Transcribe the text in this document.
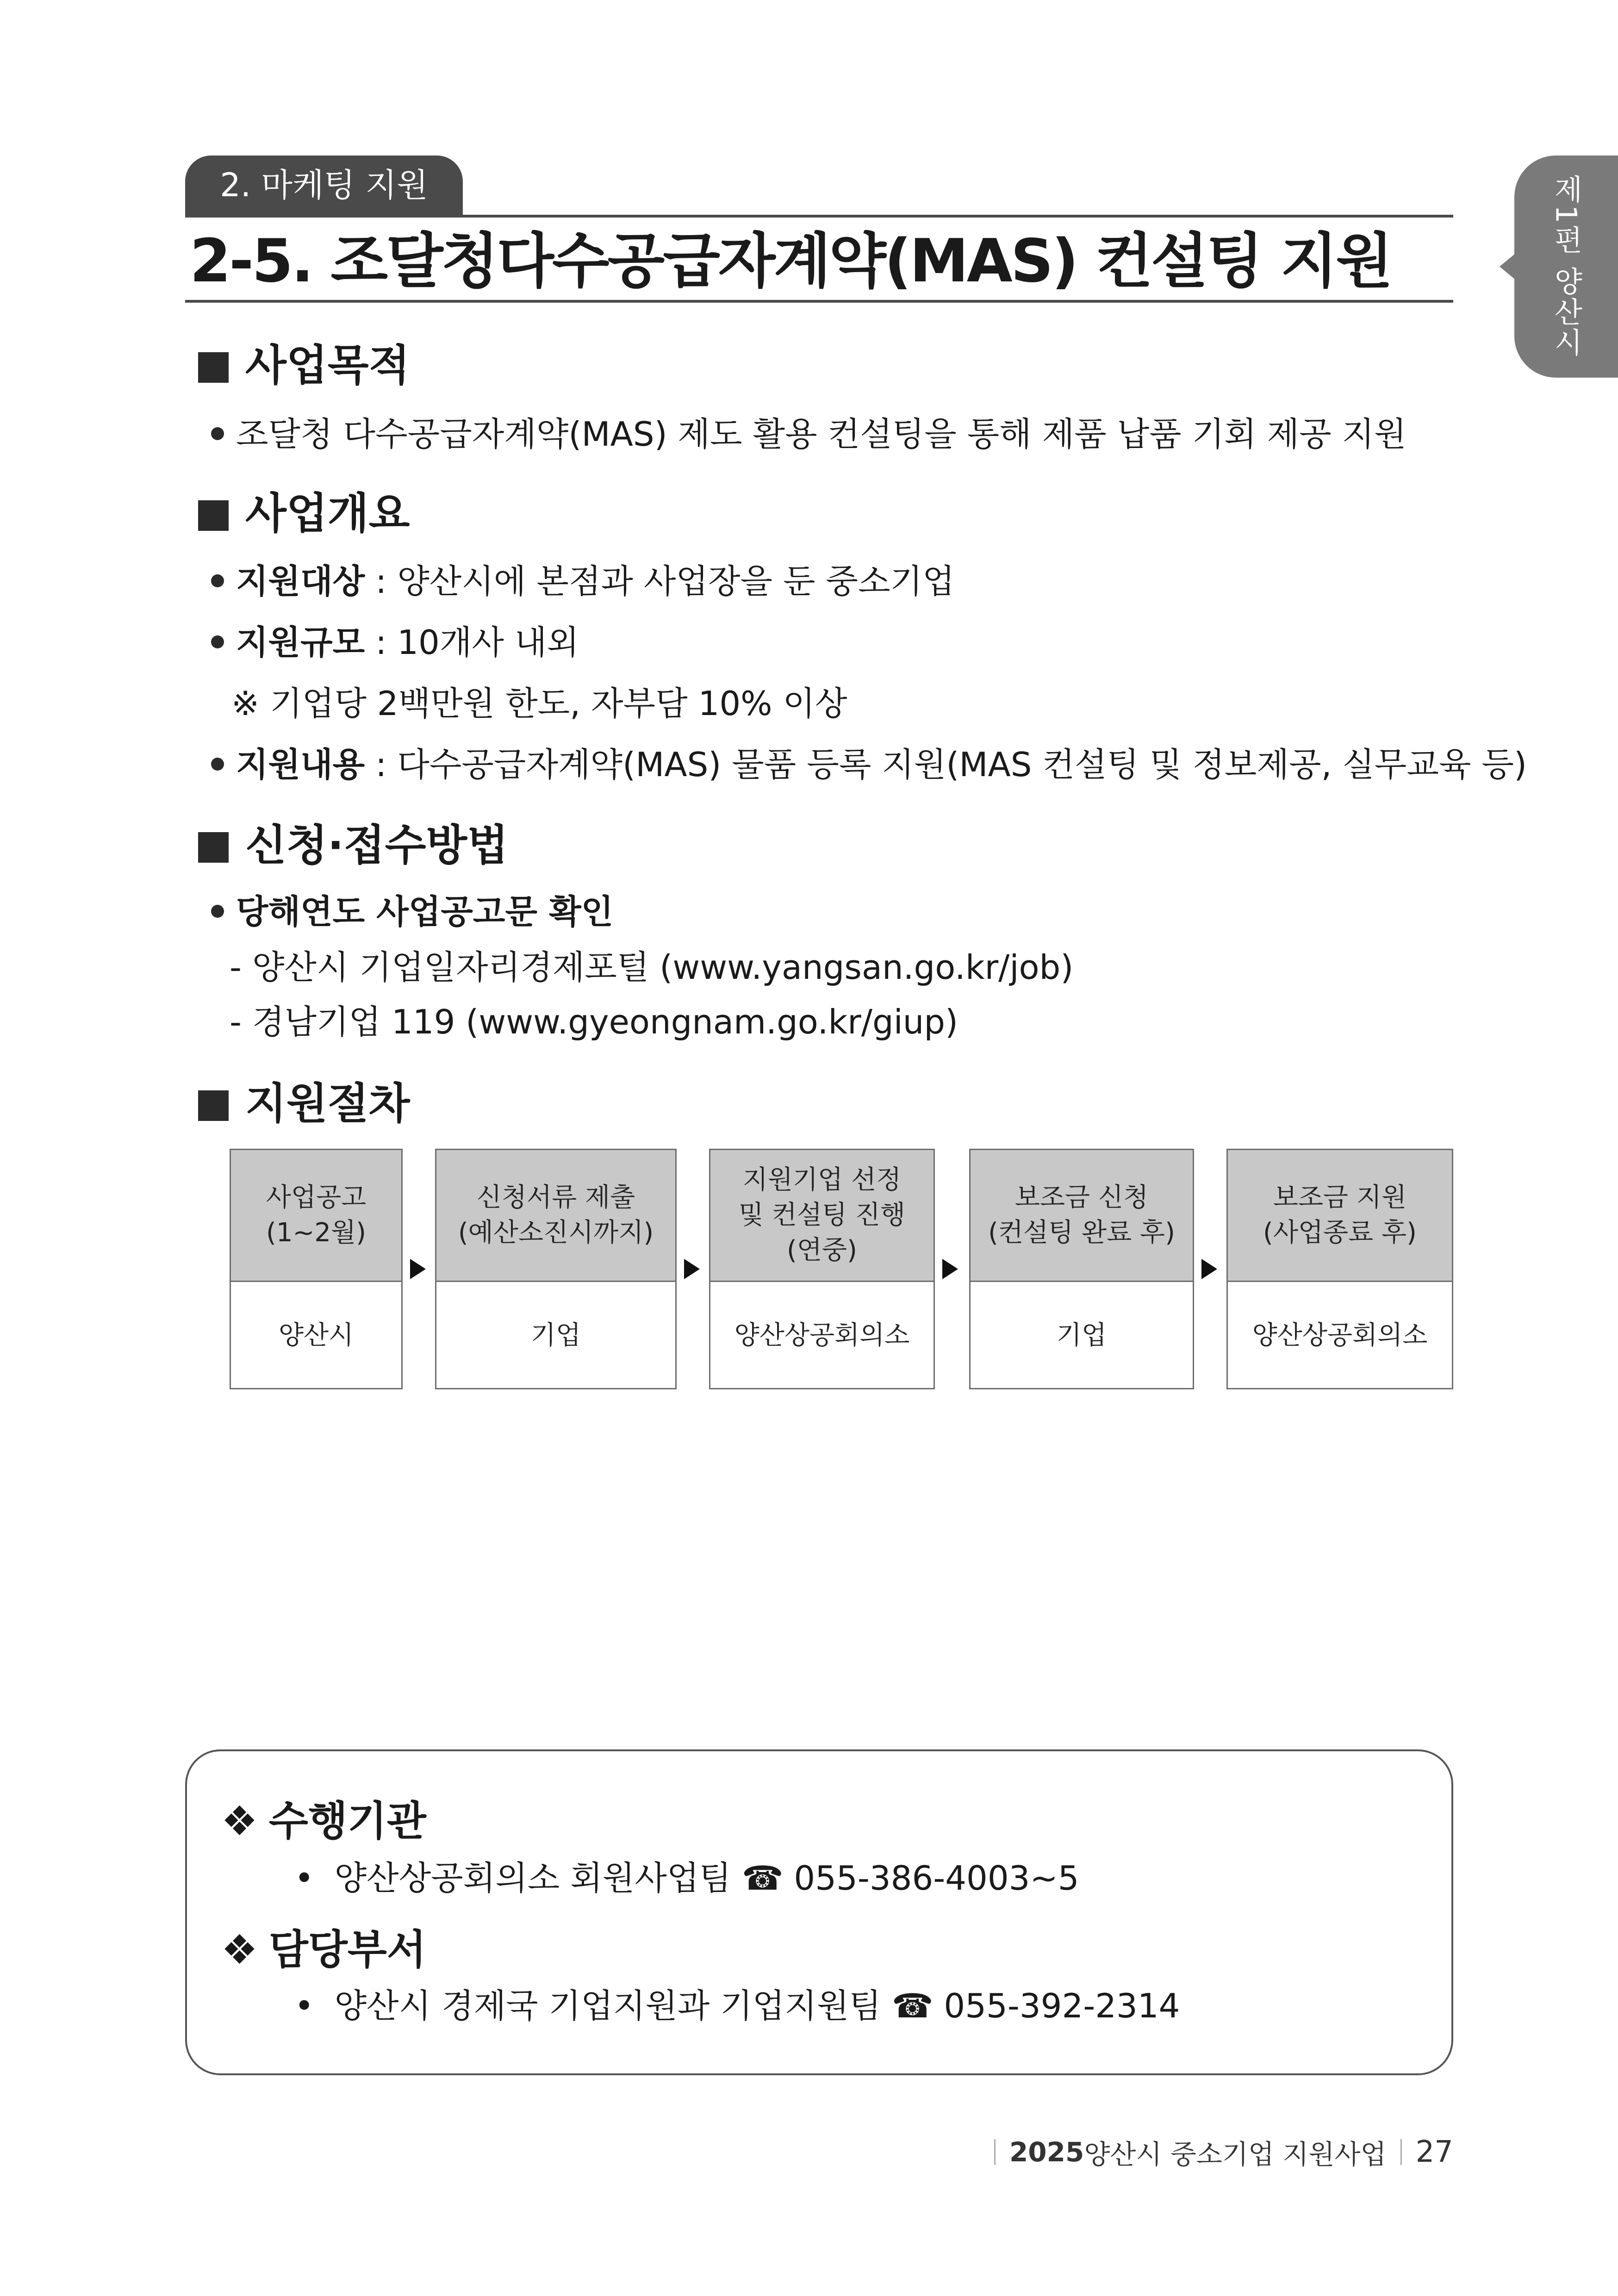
2. 마케팅 지원
2-5. 조달청다수공급자계약(MAS) 컨설팅 지원	제1편 양산시
사업목적
조달청 다수공급자계약(MAS) 제도 활용 컨설팅을 통해 제품 납품 기회 제공 지원
사업개요
지원대상 : 양산시에 본점과 사업장을 둔 중소기업
지원규모 : 10개사 내외
※ 기업당 2백만원 한도, 자부담 10% 이상
지원내용 : 다수공급자계약(MAS) 물품 등록 지원(MAS 컨설팅 및 정보제공, 실무교육 등)
신청·접수방법
당해연도 사업공고문 확인
- 양산시 기업일자리경제포털 (www.yangsan.go.kr/job)
- 경남기업 119 (www.gyeongnam.go.kr/giup)
지원절차
사업공고
(1~2월)
양산시
신청서류 제출
(예산소진시까지)
기업
지원기업 선정
및 컨설팅 진행
(연중)
양산상공회의소
보조금 신청
(컨설팅 완료 후)
기업
보조금 지원
(사업종료 후)
양산상공회의소
❖ 수행기관
• 양산상공회의소 회원사업팀 ☎ 055-386-4003~5
❖ 담당부서
• 양산시 경제국 기업지원과 기업지원팀 ☎ 055-392-2314
2025 양산시 중소기업 지원사업 27
